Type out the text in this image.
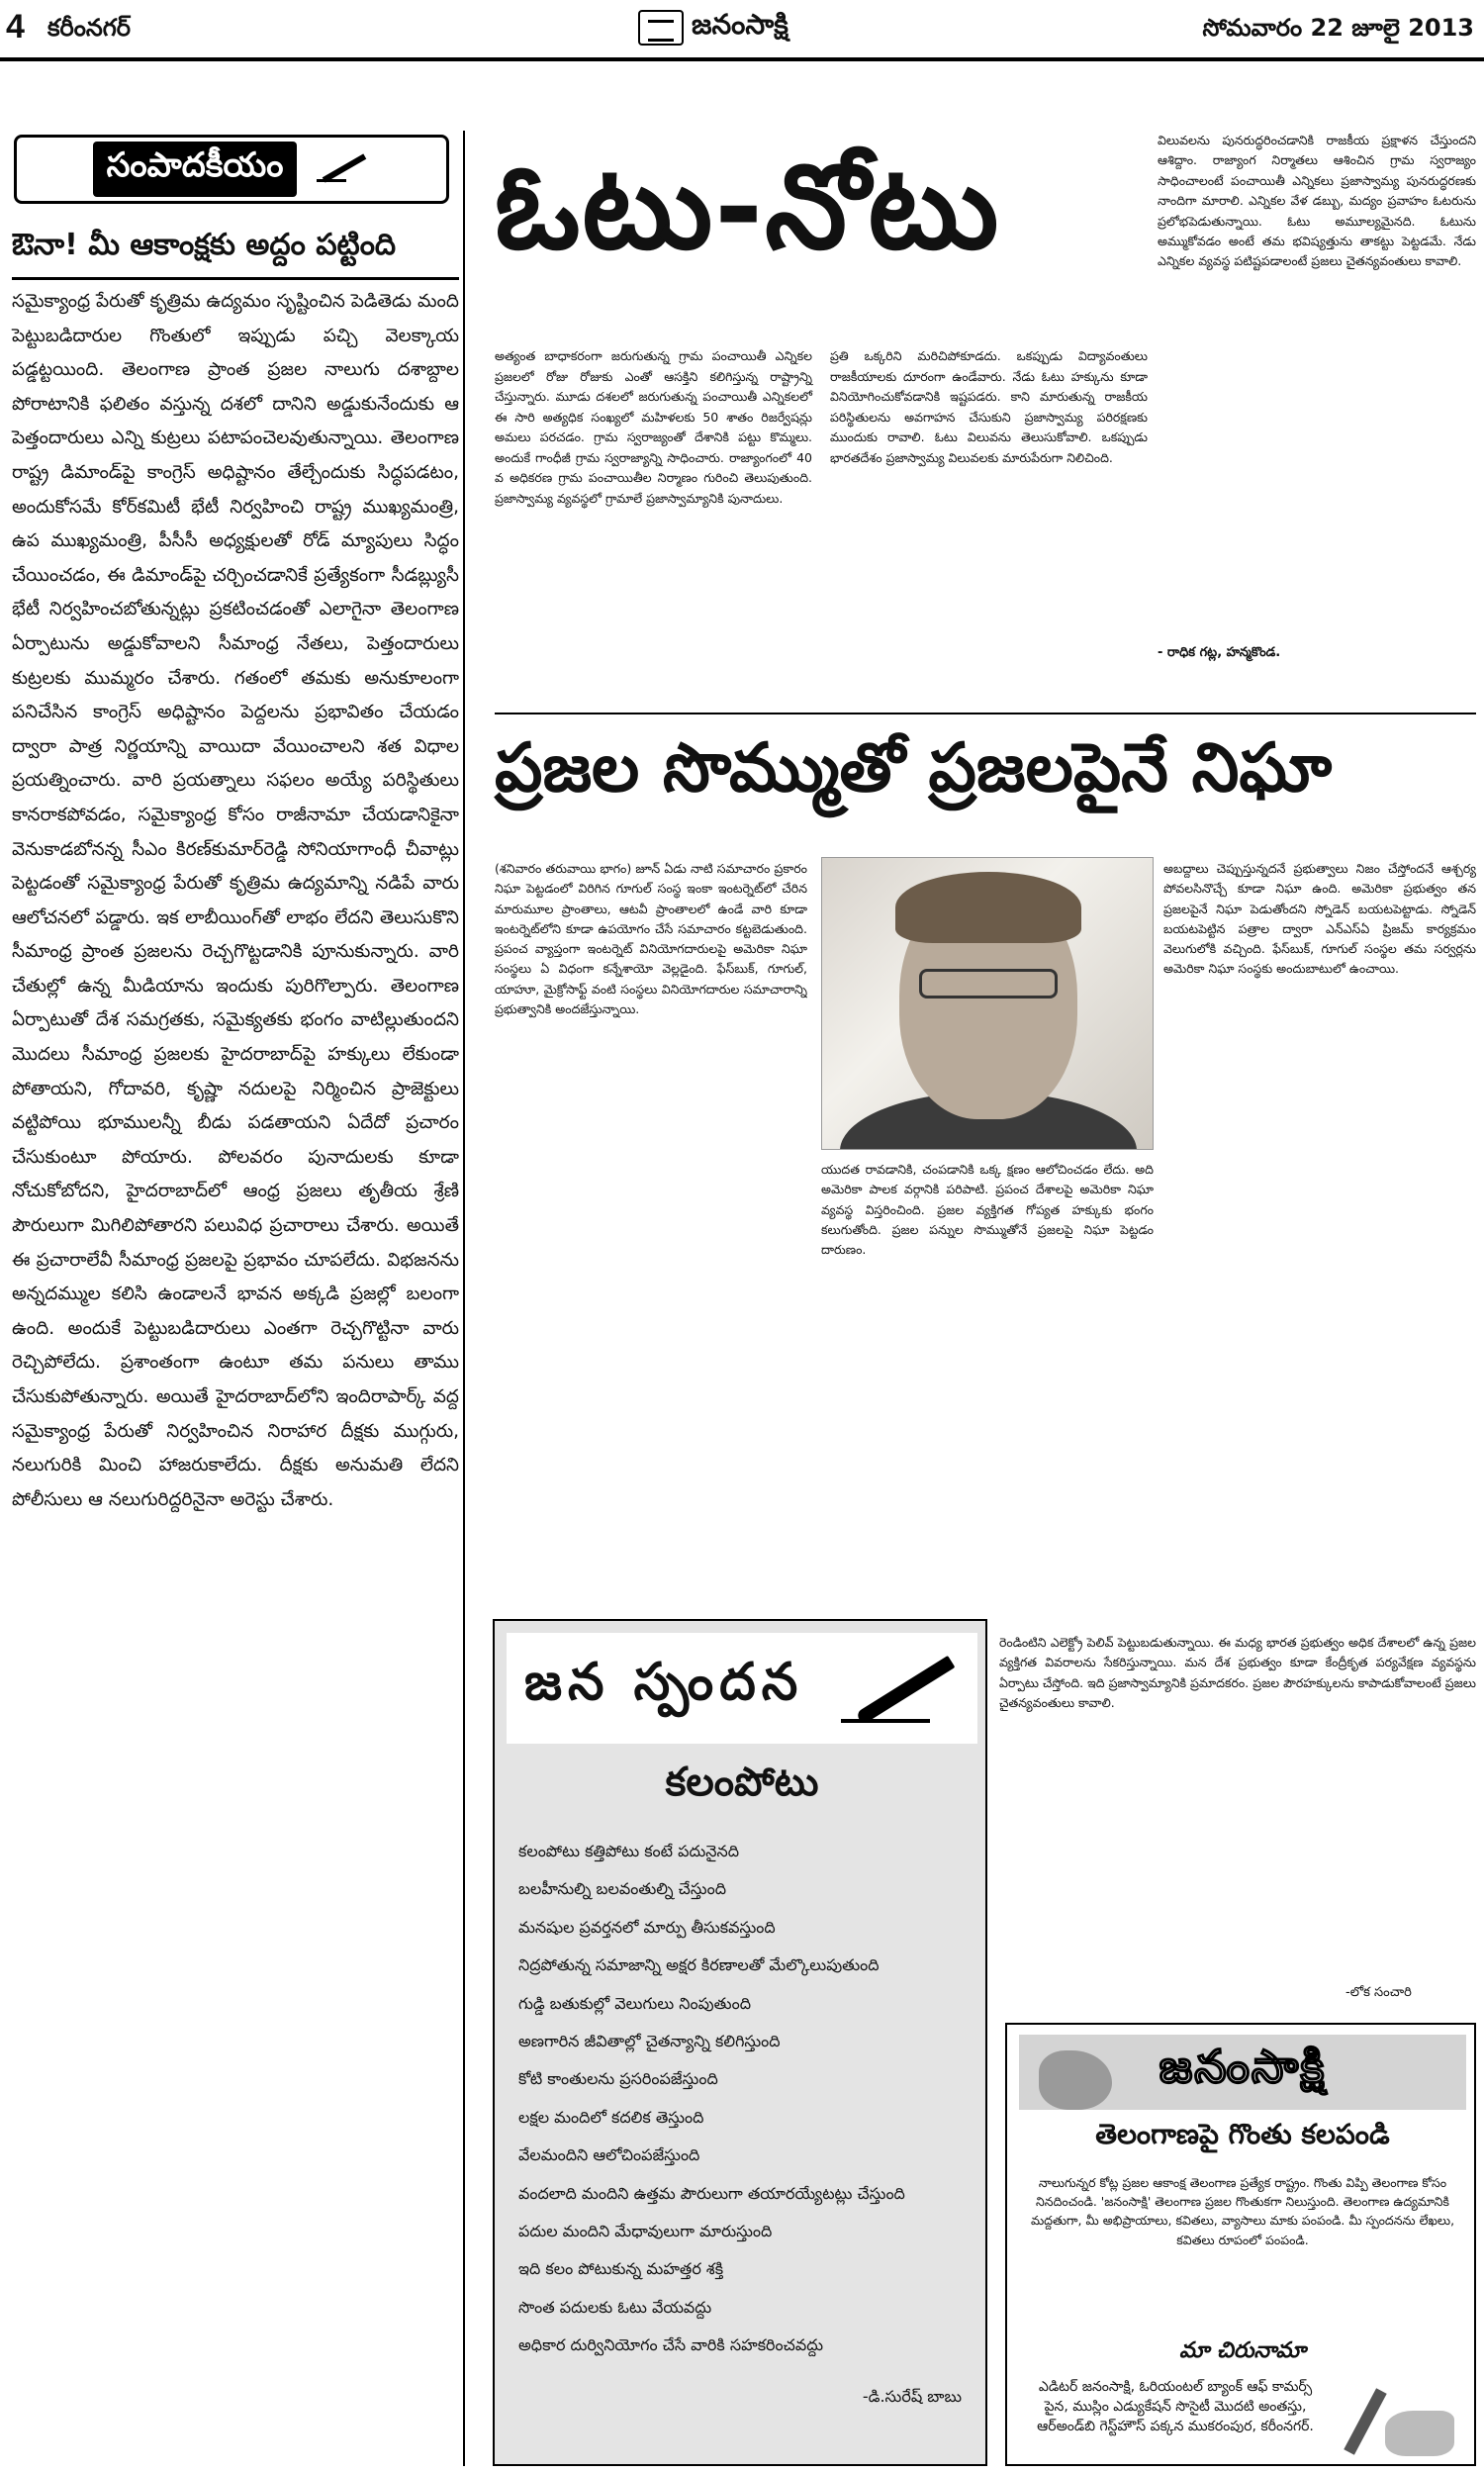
4 కరీంనగర్	జనంసాక్షి	సోమవారం 22 జూలై 2013
సంపాదకీయం
ఔనా! మీ ఆకాంక్షకు అద్దం పట్టింది
సమైక్యాంధ్ర పేరుతో కృత్రిమ ఉద్యమం సృష్టించిన పెడితెడు మంది పెట్టుబడిదారుల గొంతులో ఇప్పుడు పచ్చి వెలక్కాయ పడ్డట్టయింది. తెలంగాణ ప్రాంత ప్రజల నాలుగు దశాబ్దాల పోరాటానికి ఫలితం వస్తున్న దశలో దానిని అడ్డుకునేందుకు ఆ పెత్తందారులు ఎన్ని కుట్రలు పటాపంచెలవుతున్నాయి. తెలంగాణ రాష్ట్ర డిమాండ్‌పై కాంగ్రెస్ అధిష్టానం తేల్చేందుకు సిద్ధపడటం, అందుకోసమే కోర్‌కమిటీ భేటీ నిర్వహించి రాష్ట్ర ముఖ్యమంత్రి, ఉప ముఖ్యమంత్రి, పీసీసీ అధ్యక్షులతో రోడ్ మ్యాపులు సిద్ధం చేయించడం, ఈ డిమాండ్‌పై చర్చించడానికే ప్రత్యేకంగా సీడబ్ల్యుసీ భేటీ నిర్వహించబోతున్నట్లు ప్రకటించడంతో ఎలాగైనా తెలంగాణ ఏర్పాటును అడ్డుకోవాలని సీమాంధ్ర నేతలు, పెత్తందారులు కుట్రలకు ముమ్మరం చేశారు. గతంలో తమకు అనుకూలంగా పనిచేసిన కాంగ్రెస్ అధిష్టానం పెద్దలను ప్రభావితం చేయడం ద్వారా పాత్ర నిర్ణయాన్ని వాయిదా వేయించాలని శత విధాల ప్రయత్నించారు. వారి ప్రయత్నాలు సఫలం అయ్యే పరిస్థితులు కానరాకపోవడం, సమైక్యాంధ్ర కోసం రాజీనామా చేయడానికైనా వెనుకాడబోనన్న సీఎం కిరణ్‌కుమార్‌రెడ్డి సోనియాగాంధీ చీవాట్లు పెట్టడంతో సమైక్యాంధ్ర పేరుతో కృత్రిమ ఉద్యమాన్ని నడిపే వారు ఆలోచనలో పడ్డారు. ఇక లాబీయింగ్‌తో లాభం లేదని తెలుసుకొని సీమాంధ్ర ప్రాంత ప్రజలను రెచ్చగొట్టడానికి పూనుకున్నారు. వారి చేతుల్లో ఉన్న మీడియాను ఇందుకు పురిగొల్పారు. తెలంగాణ ఏర్పాటుతో దేశ సమగ్రతకు, సమైక్యతకు భంగం వాటిల్లుతుందని మొదలు సీమాంధ్ర ప్రజలకు హైదరాబాద్‌పై హక్కులు లేకుండా పోతాయని, గోదావరి, కృష్ణా నదులపై నిర్మించిన ప్రాజెక్టులు వట్టిపోయి భూములన్నీ బీడు పడతాయని ఏదేదో ప్రచారం చేసుకుంటూ పోయారు. పోలవరం పునాదులకు కూడా నోచుకోబోదని, హైదరాబాద్‌లో ఆంధ్ర ప్రజలు తృతీయ శ్రేణి పౌరులుగా మిగిలిపోతారని పలువిధ ప్రచారాలు చేశారు. అయితే ఈ ప్రచారాలేవీ సీమాంధ్ర ప్రజలపై ప్రభావం చూపలేదు. విభజనను అన్నదమ్ముల కలిసి ఉండాలనే భావన అక్కడి ప్రజల్లో బలంగా ఉంది. అందుకే పెట్టుబడిదారులు ఎంతగా రెచ్చగొట్టినా వారు రెచ్చిపోలేదు. ప్రశాంతంగా ఉంటూ తమ పనులు తాము చేసుకుపోతున్నారు. అయితే హైదరాబాద్‌లోని ఇందిరాపార్క్ వద్ద సమైక్యాంధ్ర పేరుతో నిర్వహించిన నిరాహార దీక్షకు ముగ్గురు, నలుగురికి మించి హాజరుకాలేదు. దీక్షకు అనుమతి లేదని పోలీసులు ఆ నలుగురిద్దరినైనా అరెస్టు చేశారు.
ఓటు-నోటు

అత్యంత బాధాకరంగా జరుగుతున్న గ్రామ పంచాయితీ ఎన్నికల ప్రజలలో రోజు రోజుకు ఎంతో ఆసక్తిని కలిగిస్తున్న రాష్ట్రాన్ని చేస్తున్నారు. మూడు దశలలో జరుగుతున్న పంచాయితీ ఎన్నికలలో ఈ సారి అత్యధిక సంఖ్యలో మహిళలకు 50 శాతం రిజర్వేషన్లు అమలు పరచడం. గ్రామ స్వరాజ్యంతో దేశానికి పట్టు కొమ్మలు. అందుకే గాంధీజీ గ్రామ స్వరాజ్యాన్ని సాధించారు. రాజ్యాంగంలో 40 వ అధికరణ గ్రామ పంచాయితీల నిర్మాణం గురించి తెలుపుతుంది. ప్రజాస్వామ్య వ్యవస్థలో గ్రామాలే ప్రజాస్వామ్యానికి పునాదులు.

ప్రతి ఒక్కరిని మరిచిపోకూడదు. ఒకప్పుడు విద్యావంతులు రాజకీయాలకు దూరంగా ఉండేవారు. నేడు ఓటు హక్కును కూడా వినియోగించుకోవడానికి ఇష్టపడరు. కాని మారుతున్న రాజకీయ పరిస్థితులను అవగాహన చేసుకుని ప్రజాస్వామ్య పరిరక్షణకు ముందుకు రావాలి. ఓటు విలువను తెలుసుకోవాలి. ఒకప్పుడు భారతదేశం ప్రజాస్వామ్య విలువలకు మారుపేరుగా నిలిచింది.

విలువలను పునరుద్ధరించడానికి రాజకీయ ప్రక్షాళన చేస్తుందని ఆశిద్దాం. రాజ్యాంగ నిర్మాతలు ఆశించిన గ్రామ స్వరాజ్యం సాధించాలంటే పంచాయితీ ఎన్నికలు ప్రజాస్వామ్య పునరుద్ధరణకు నాందిగా మారాలి. ఎన్నికల వేళ డబ్బు, మద్యం ప్రవాహం ఓటరును ప్రలోభపెడుతున్నాయి. ఓటు అమూల్యమైనది. ఓటును అమ్ముకోవడం అంటే తమ భవిష్యత్తును తాకట్టు పెట్టడమే. నేడు ఎన్నికల వ్యవస్థ పటిష్టపడాలంటే ప్రజలు చైతన్యవంతులు కావాలి.
- రాధిక గట్ల, హన్మకొండ.
ప్రజల సొమ్ముతో ప్రజలపైనే నిఘా
(శనివారం తరువాయి భాగం) జూన్ ఏడు నాటి సమాచారం ప్రకారం నిఘా పెట్టడంలో విరిగిన గూగుల్ సంస్థ ఇంకా ఇంటర్నెట్‌లో చేరిన మారుమూల ప్రాంతాలు, ఆటవీ ప్రాంతాలలో ఉండే వారి కూడా ఇంటర్నెట్‌లోని కూడా ఉపయోగం చేసే సమాచారం కట్టబెడుతుంది. ప్రపంచ వ్యాప్తంగా ఇంటర్నెట్ వినియోగదారులపై అమెరికా నిఘా సంస్థలు ఏ విధంగా కన్నేశాయో వెల్లడైంది. ఫేస్‌బుక్, గూగుల్, యాహూ, మైక్రోసాఫ్ట్ వంటి సంస్థలు వినియోగదారుల సమాచారాన్ని ప్రభుత్వానికి అందజేస్తున్నాయి.
యుదత రావడానికి, చంపడానికి ఒక్క క్షణం ఆలోచించడం లేదు. అది అమెరికా పాలక వర్గానికి పరిపాటి. ప్రపంచ దేశాలపై అమెరికా నిఘా వ్యవస్థ విస్తరించింది. ప్రజల వ్యక్తిగత గోప్యత హక్కుకు భంగం కలుగుతోంది. ప్రజల పన్నుల సొమ్ముతోనే ప్రజలపై నిఘా పెట్టడం దారుణం.
అబద్దాలు చెప్పుస్తున్నదనే ప్రభుత్వాలు నిజం చేస్తోందనే ఆశ్చర్య పోవలసినొచ్చే కూడా నిఘా ఉంది. అమెరికా ప్రభుత్వం తన ప్రజలపైనే నిఘా పెడుతోందని స్నోడెన్ బయటపెట్టాడు. స్నోడెన్ బయటపెట్టిన పత్రాల ద్వారా ఎన్ఎస్ఏ ప్రిజమ్ కార్యక్రమం వెలుగులోకి వచ్చింది. ఫేస్‌బుక్, గూగుల్ సంస్థల తమ సర్వర్లను అమెరికా నిఘా సంస్థకు అందుబాటులో ఉంచాయి.
రెండింటిని ఎలెక్ట్రో పెలివ్ పెట్టుబడుతున్నాయి. ఈ మధ్య భారత ప్రభుత్వం అధిక దేశాలలో ఉన్న ప్రజల వ్యక్తిగత వివరాలను సేకరిస్తున్నాయి. మన దేశ ప్రభుత్వం కూడా కేంద్రీకృత పర్యవేక్షణ వ్యవస్థను ఏర్పాటు చేస్తోంది. ఇది ప్రజాస్వామ్యానికి ప్రమాదకరం. ప్రజల పౌరహక్కులను కాపాడుకోవాలంటే ప్రజలు చైతన్యవంతులు కావాలి.
-లోక సంచారి
జన స్పందన
కలంపోటు
కలంపోటు కత్తిపోటు కంటే పదునైనది
బలహీనుల్ని బలవంతుల్ని చేస్తుంది
మనషుల ప్రవర్తనలో మార్పు తీసుకవస్తుంది
నిద్రపోతున్న సమాజాన్ని అక్షర కిరణాలతో మేల్కొలుపుతుంది
గుడ్డి బతుకుల్లో వెలుగులు నింపుతుంది
అణగారిన జీవితాల్లో చైతన్యాన్ని కలిగిస్తుంది
కోటి కాంతులను ప్రసరింపజేస్తుంది
లక్షల మందిలో కదలిక తెస్తుంది
వేలమందిని ఆలోచింపజేస్తుంది
వందలాది మందిని ఉత్తమ పౌరులుగా తయారయ్యేటట్లు చేస్తుంది
పదుల మందిని మేధావులుగా మారుస్తుంది
ఇది కలం పోటుకున్న మహత్తర శక్తి
సొంత పదులకు ఓటు వేయవద్దు
అధికార దుర్వినియోగం చేసే వారికి సహకరించవద్దు
-డి.సురేష్ బాబు
జనంసాక్షి
తెలంగాణపై గొంతు కలపండి
నాలుగున్నర కోట్ల ప్రజల ఆకాంక్ష తెలంగాణ ప్రత్యేక రాష్ట్రం. గొంతు విప్పి తెలంగాణ కోసం నినదించండి. 'జనంసాక్షి' తెలంగాణ ప్రజల గొంతుకగా నిలుస్తుంది. తెలంగాణ ఉద్యమానికి మద్దతుగా, మీ అభిప్రాయాలు, కవితలు, వ్యాసాలు మాకు పంపండి. మీ స్పందనను లేఖలు, కవితలు రూపంలో పంపండి.
మా చిరునామా
ఎడిటర్ జనంసాక్షి, ఓరియంటల్ బ్యాంక్ ఆఫ్ కామర్స్ పైన, ముస్లిం ఎడ్యుకేషన్ సొసైటీ మొదటి అంతస్తు, ఆర్‌అండ్‌బి గెస్ట్‌హౌస్ పక్కన ముకరంపుర, కరీంనగర్.
